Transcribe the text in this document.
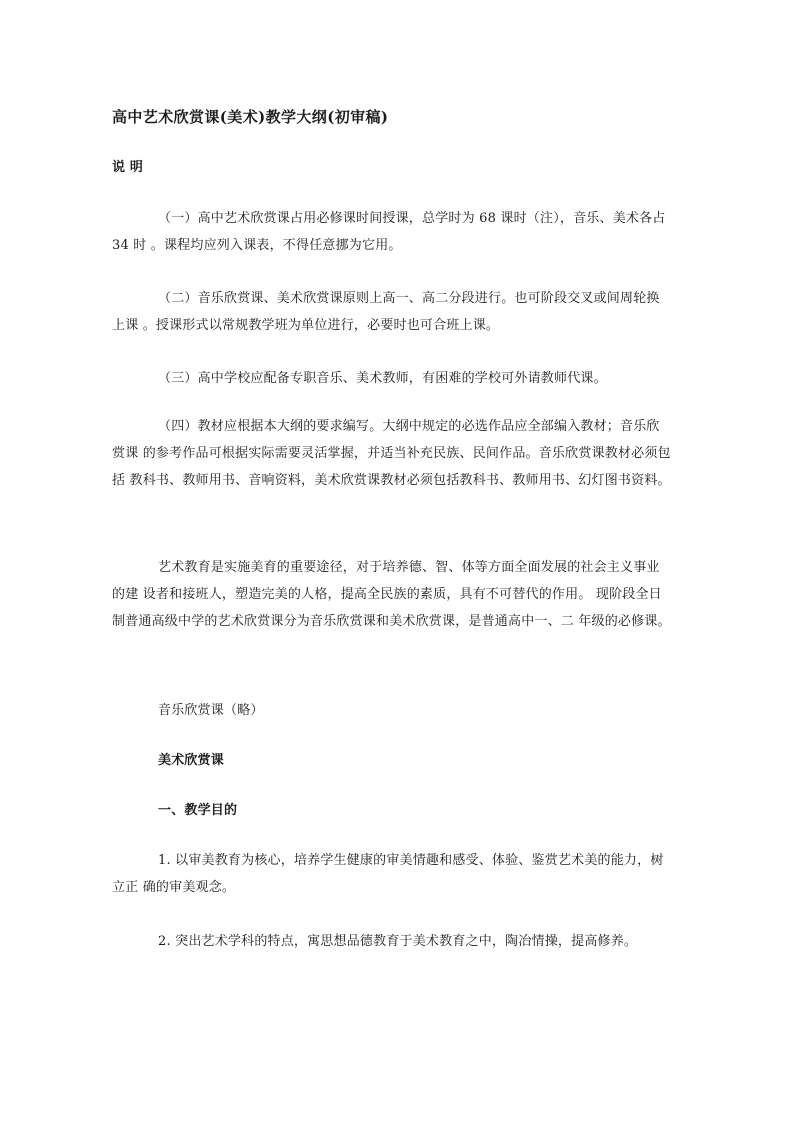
高中艺术欣赏课(美术)教学大纲(初审稿)

说 明

（一）高中艺术欣赏课占用必修课时间授课，总学时为 68 课时（注），音乐、美术各占 34 时 。课程均应列入课表，不得任意挪为它用。

（二）音乐欣赏课、美术欣赏课原则上高一、高二分段进行。也可阶段交叉或间周轮换上课 。授课形式以常规教学班为单位进行，必要时也可合班上课。

（三）高中学校应配备专职音乐、美术教师，有困难的学校可外请教师代课。

（四）教材应根据本大纲的要求编写。大纲中规定的必选作品应全部编入教材；音乐欣赏课 的参考作品可根据实际需要灵活掌握，并适当补充民族、民间作品。音乐欣赏课教材必须包括 教科书、教师用书、音响资料，美术欣赏课教材必须包括教科书、教师用书、幻灯图书资料。

艺术教育是实施美育的重要途径，对于培养德、智、体等方面全面发展的社会主义事业的建 设者和接班人，塑造完美的人格，提高全民族的素质，具有不可替代的作用。 现阶段全日制普通高级中学的艺术欣赏课分为音乐欣赏课和美术欣赏课，是普通高中一、二 年级的必修课。

音乐欣赏课（略）

美术欣赏课

一、教学目的

1. 以审美教育为核心，培养学生健康的审美情趣和感受、体验、鉴赏艺术美的能力，树立正 确的审美观念。

2. 突出艺术学科的特点，寓思想品德教育于美术教育之中，陶冶情操，提高修养。
